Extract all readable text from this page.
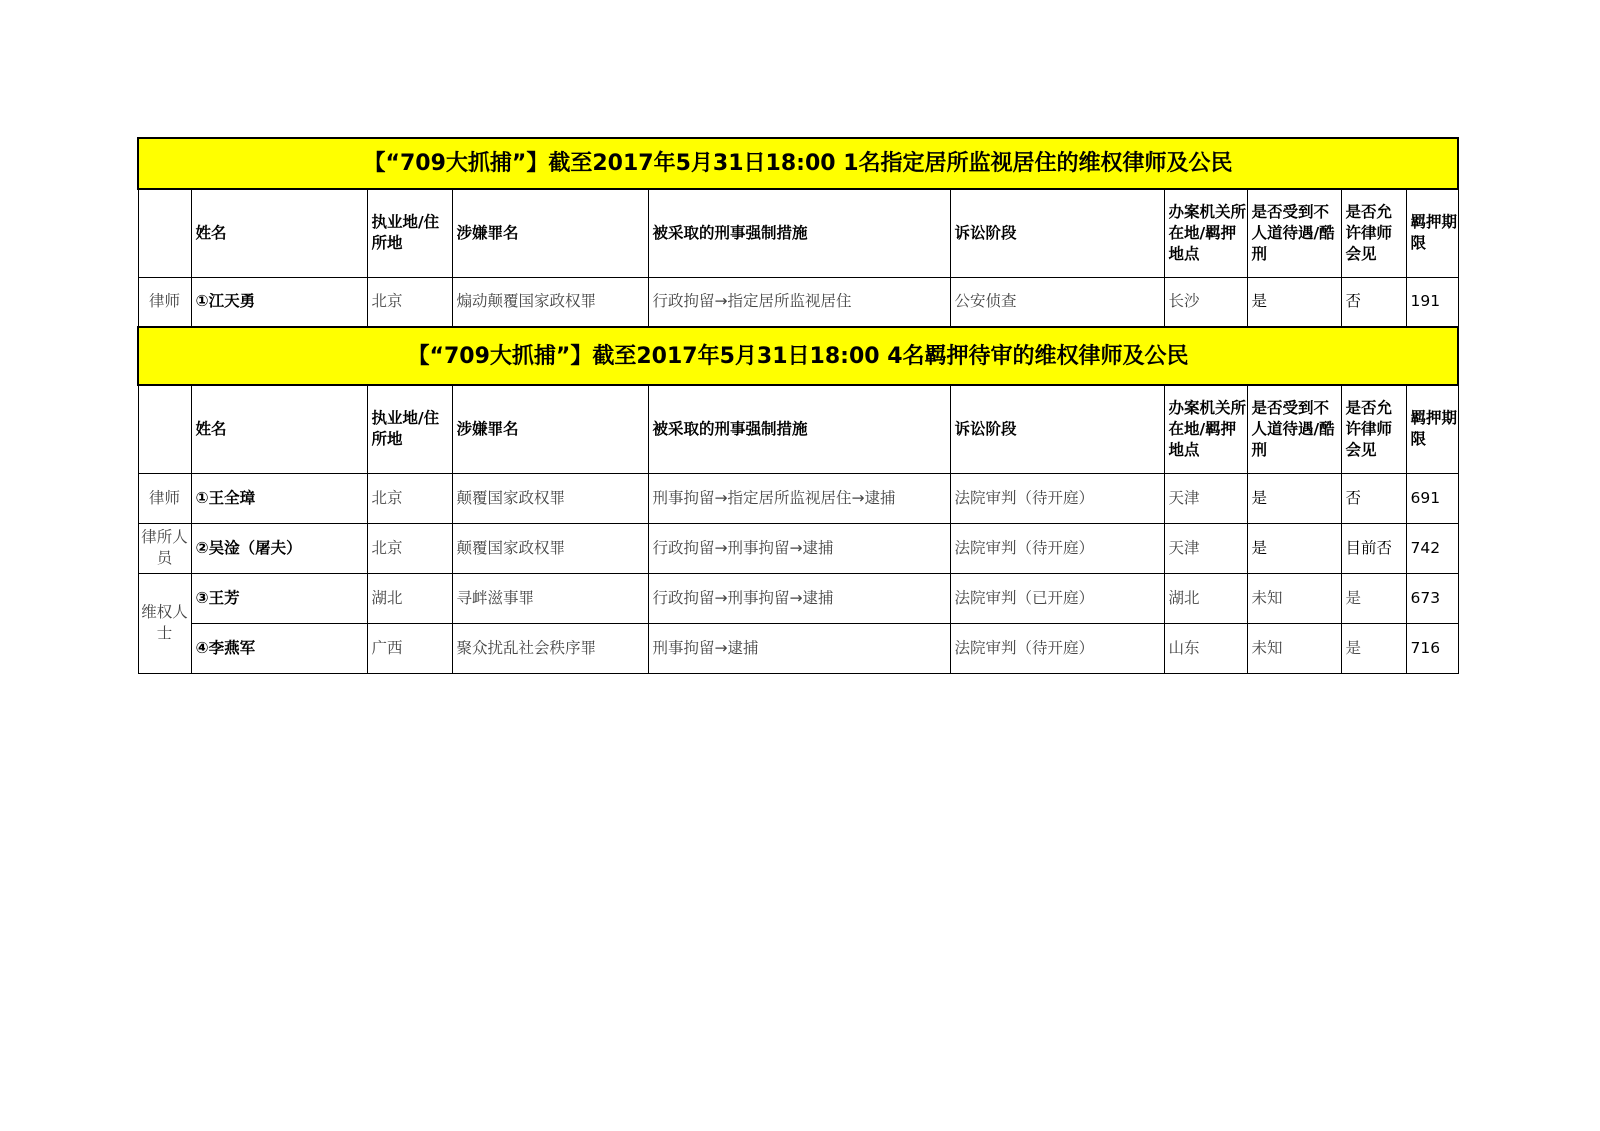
【“709大抓捕”】截至2017年5月31日18:00 1名指定居所监视居住的维权律师及公民									
	姓名	执业地/住所地	涉嫌罪名	被采取的刑事强制措施	诉讼阶段	办案机关所在地/羁押地点	是否受到不人道待遇/酷刑	是否允许律师会见	羁押期限
律师	①江天勇	北京	煽动颠覆国家政权罪	行政拘留→指定居所监视居住	公安侦查	长沙	是	否	191
【“709大抓捕”】截至2017年5月31日18:00 4名羁押待审的维权律师及公民									
	姓名	执业地/住所地	涉嫌罪名	被采取的刑事强制措施	诉讼阶段	办案机关所在地/羁押地点	是否受到不人道待遇/酷刑	是否允许律师会见	羁押期限
律师	①王全璋	北京	颠覆国家政权罪	刑事拘留→指定居所监视居住→逮捕	法院审判（待开庭）	天津	是	否	691
律所人员	②吴淦（屠夫）	北京	颠覆国家政权罪	行政拘留→刑事拘留→逮捕	法院审判（待开庭）	天津	是	目前否	742
维权人士	③王芳	湖北	寻衅滋事罪	行政拘留→刑事拘留→逮捕	法院审判（已开庭）	湖北	未知	是	673
	④李燕军	广西	聚众扰乱社会秩序罪	刑事拘留→逮捕	法院审判（待开庭）	山东	未知	是	716
